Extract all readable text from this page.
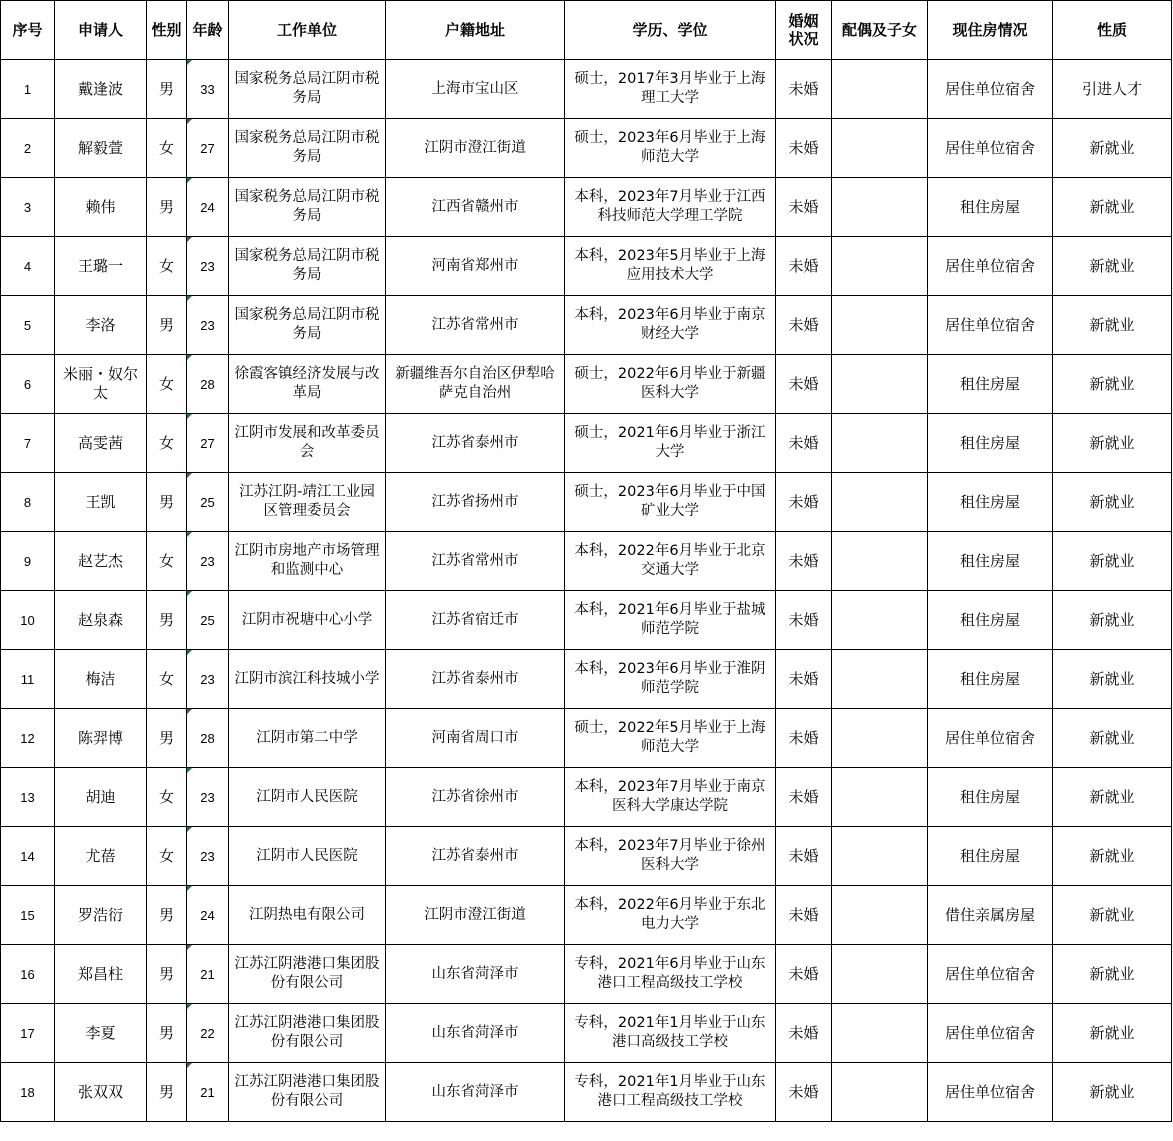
序号	申请人	性别	年龄	工作单位	户籍地址	学历、学位	婚姻状况	配偶及子女	现住房情况	性质
1	戴逢波	男	33	国家税务总局江阴市税务局	上海市宝山区	硕士，2017年3月毕业于上海理工大学	未婚		居住单位宿舍	引进人才
2	解毅萱	女	27	国家税务总局江阴市税务局	江阴市澄江街道	硕士，2023年6月毕业于上海师范大学	未婚		居住单位宿舍	新就业
3	赖伟	男	24	国家税务总局江阴市税务局	江西省赣州市	本科，2023年7月毕业于江西科技师范大学理工学院	未婚		租住房屋	新就业
4	王璐一	女	23	国家税务总局江阴市税务局	河南省郑州市	本科，2023年5月毕业于上海应用技术大学	未婚		居住单位宿舍	新就业
5	李洛	男	23	国家税务总局江阴市税务局	江苏省常州市	本科，2023年6月毕业于南京财经大学	未婚		居住单位宿舍	新就业
6	米丽・奴尔太	女	28	徐霞客镇经济发展与改革局	新疆维吾尔自治区伊犁哈萨克自治州	硕士，2022年6月毕业于新疆医科大学	未婚		租住房屋	新就业
7	高雯茜	女	27	江阴市发展和改革委员会	江苏省泰州市	硕士，2021年6月毕业于浙江大学	未婚		租住房屋	新就业
8	王凯	男	25	江苏江阴-靖江工业园区管理委员会	江苏省扬州市	硕士，2023年6月毕业于中国矿业大学	未婚		租住房屋	新就业
9	赵艺杰	女	23	江阴市房地产市场管理和监测中心	江苏省常州市	本科，2022年6月毕业于北京交通大学	未婚		租住房屋	新就业
10	赵泉森	男	25	江阴市祝塘中心小学	江苏省宿迁市	本科，2021年6月毕业于盐城师范学院	未婚		租住房屋	新就业
11	梅洁	女	23	江阴市滨江科技城小学	江苏省泰州市	本科，2023年6月毕业于淮阴师范学院	未婚		租住房屋	新就业
12	陈羿博	男	28	江阴市第二中学	河南省周口市	硕士，2022年5月毕业于上海师范大学	未婚		居住单位宿舍	新就业
13	胡迪	女	23	江阴市人民医院	江苏省徐州市	本科，2023年7月毕业于南京医科大学康达学院	未婚		租住房屋	新就业
14	尤蓓	女	23	江阴市人民医院	江苏省泰州市	本科，2023年7月毕业于徐州医科大学	未婚		租住房屋	新就业
15	罗浩衍	男	24	江阴热电有限公司	江阴市澄江街道	本科，2022年6月毕业于东北电力大学	未婚		借住亲属房屋	新就业
16	郑昌柱	男	21	江苏江阴港港口集团股份有限公司	山东省菏泽市	专科，2021年6月毕业于山东港口工程高级技工学校	未婚		居住单位宿舍	新就业
17	李夏	男	22	江苏江阴港港口集团股份有限公司	山东省菏泽市	专科，2021年1月毕业于山东港口高级技工学校	未婚		居住单位宿舍	新就业
18	张双双	男	21	江苏江阴港港口集团股份有限公司	山东省菏泽市	专科，2021年1月毕业于山东港口工程高级技工学校	未婚		居住单位宿舍	新就业
